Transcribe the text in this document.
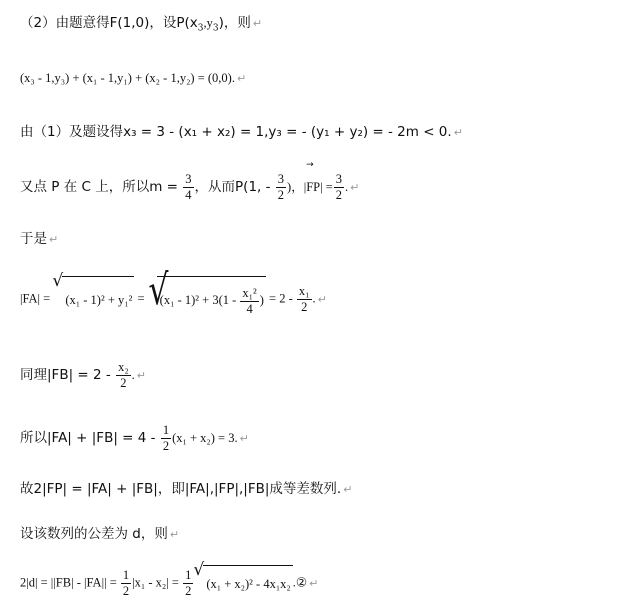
（2）由题意得F(1,0)，设$P(x_3,y_3)$，则 ↵
(x₃ - 1,y₃) + (x₁ - 1,y₁) + (x₂ - 1,y₂) = (0,0). ↵
由（1）及题设得x₃ = 3 - (x₁ + x₂) = 1,y₃ = - (y₁ + y₂) = - 2m < 0. ↵
又点 P 在 C 上，所以$m = \frac{3}{4}$ ，从而P(1, - $\frac{3}{2}$ → )，$|FP| = \frac{3}{2}$ . ↵
于是 ↵
|FA| = √ (x₁ - 1)² + y₁² = √ $(x_1 - 1)^2 + 3(1 - \frac{\text{x₁²}}{4}$ ) = $2 - \frac{\text{x₁}}{2}$ . ↵
同理$|FB| = 2 - \frac{\text{x₂}}{2}$ . ↵
所以$|FA| + |FB| = 4 - \frac{1}{2} (x_1 + x_2) = 3$. ↵
故2|FP| = |FA| + |FB|，即|FA|,|FP|,|FB|成等差数列. ↵
设该数列的公差为 d，则 ↵
$2|d| = ||FB| - |FA|| = \frac{1}{2} |x_1 - x_2| = \frac{1}{2}$ √ (x₁ + x₂)² - 4x₁x₂ .② ↵
